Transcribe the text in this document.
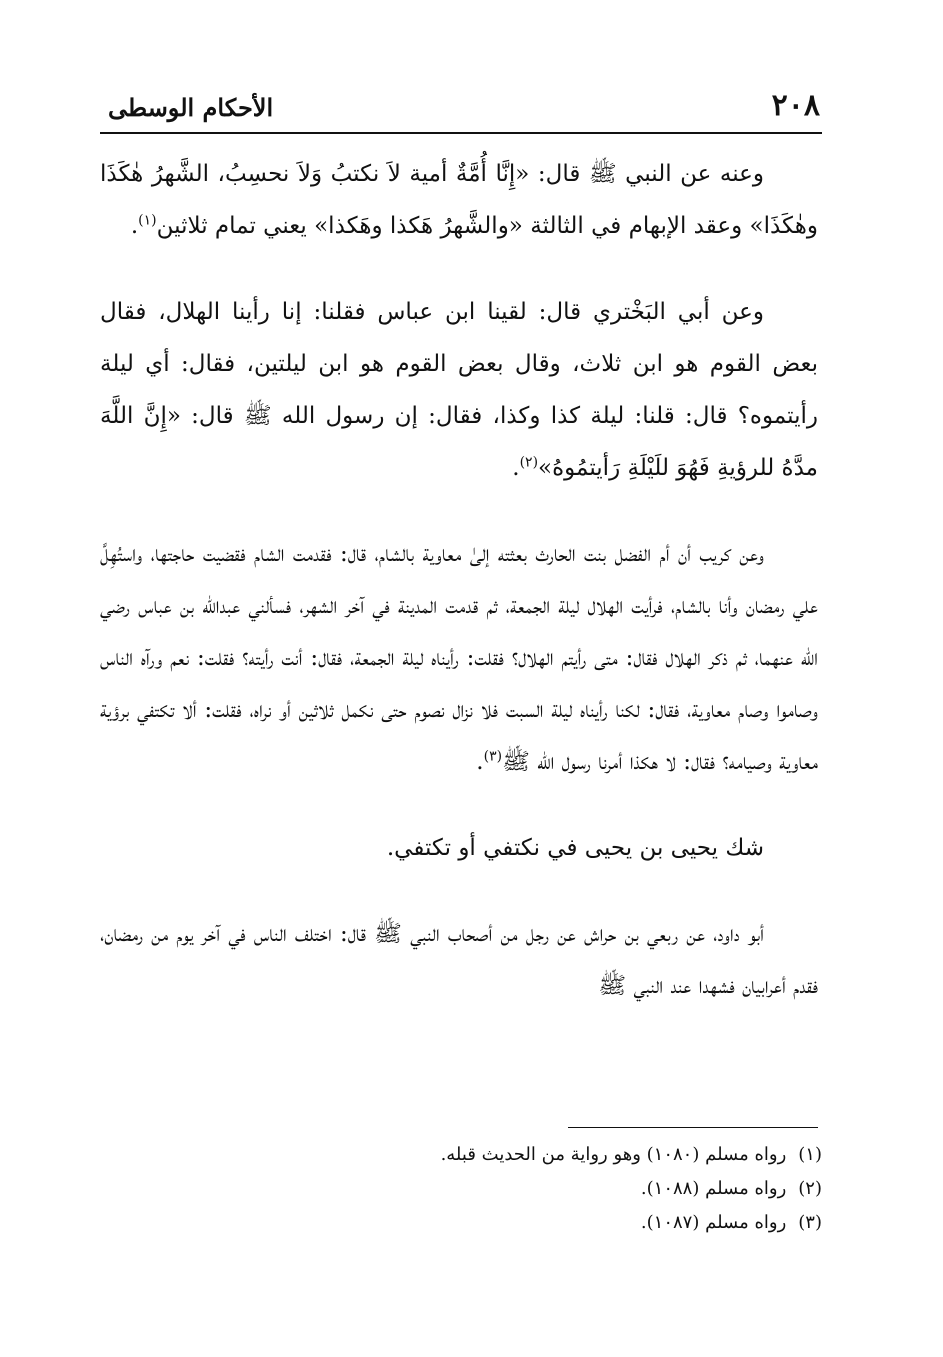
٢٠٨
الأحكام الوسطى

وعنه عن النبي ﷺ قال: «إِنَّا أُمَّةٌ أمية لاَ نكتبُ وَلاَ نحسِبُ، الشَّهرُ هٰكَذَا وهٰكَذَا» وعقد الإبهام في الثالثة «والشَّهرُ هَكذا وهَكذا» يعني تمام ثلاثين$^{(١)}$.

وعن أبي البَخْتري قال: لقينا ابن عباس فقلنا: إنا رأينا الهلال، فقال بعض القوم هو ابن ثلاث، وقال بعض القوم هو ابن ليلتين، فقال: أي ليلة رأيتموه؟ قال: قلنا: ليلة كذا وكذا، فقال: إن رسول الله ﷺ قال: «إِنَّ اللَّهَ مدَّهُ للرؤيةِ فَهُوَ للَيْلَةِ رَأيتمُوهُ»$^{(٢)}$.

وعن كريب أن أم الفضل بنت الحارث بعثته إلىٰ معاوية بالشام، قال: فقدمت الشام فقضيت حاجتها، واستُهِلَّ علي رمضان وأنا بالشام، فرأيت الهلال ليلة الجمعة، ثم قدمت المدينة في آخر الشهر، فسألني عبدالله بن عباس رضي الله عنهما، ثم ذكر الهلال فقال: متى رأيتم الهلال؟ فقلت: رأيناه ليلة الجمعة، فقال: أنت رأيته؟ فقلت: نعم ورآه الناس وصاموا وصام معاوية، فقال: لكنا رأيناه ليلة السبت فلا نزال نصوم حتى نكمل ثلاثين أو نراه، فقلت: ألا تكتفي برؤية معاوية وصيامه؟ فقال: لا هكذا أمرنا رسول الله ﷺ$^{(٣)}$.

شك يحيى بن يحيى في نكتفي أو تكتفي.

أبو داود، عن ربعي بن حراش عن رجل من أصحاب النبي ﷺ قال: اختلف الناس في آخر يوم من رمضان، فقدم أعرابيان فشهدا عند النبي ﷺ

(١)رواه مسلم (١٠٨٠) وهو رواية من الحديث قبله.

(٢)رواه مسلم (١٠٨٨).

(٣)رواه مسلم (١٠٨٧).
